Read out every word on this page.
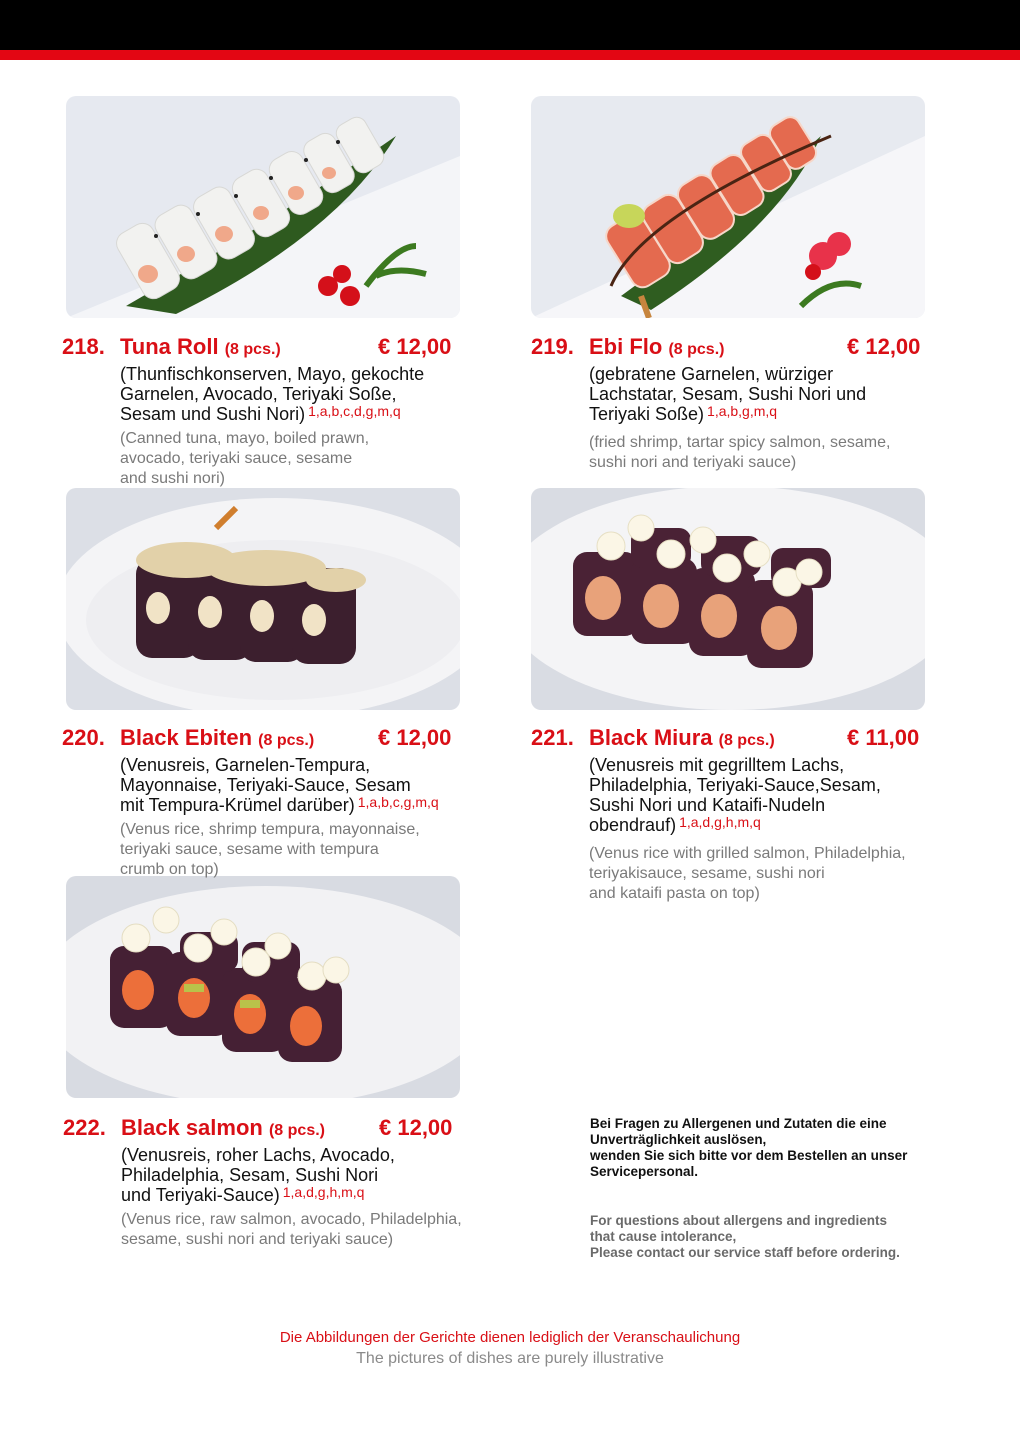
218. Tuna Roll (8 pcs.)	€ 12,00
(Thunfischkonserven, Mayo, gekochte
Garnelen, Avocado, Teriyaki Soße,
Sesam und Sushi Nori) $^{1,a,b,c,d,g,m,q}$
(Canned tuna, mayo, boiled prawn,
avocado, teriyaki sauce, sesame
and sushi nori)
219. Ebi Flo (8 pcs.)	€ 12,00
(gebratene Garnelen, würziger
Lachstatar, Sesam, Sushi Nori und
Teriyaki Soße) $^{1,a,b,g,m,q}$
(fried shrimp, tartar spicy salmon, sesame,
sushi nori and teriyaki sauce)
220. Black Ebiten (8 pcs.)	€ 12,00
(Venusreis, Garnelen-Tempura,
Mayonnaise, Teriyaki-Sauce, Sesam
mit Tempura-Krümel darüber) $^{1,a,b,c,g,m,q}$
(Venus rice, shrimp tempura, mayonnaise,
teriyaki sauce, sesame with tempura
crumb on top)
221. Black Miura (8 pcs.)	€ 11,00
(Venusreis mit gegrilltem Lachs,
Philadelphia, Teriyaki-Sauce,Sesam,
Sushi Nori und Kataifi-Nudeln
obendrauf) $^{1,a,d,g,h,m,q}$
(Venus rice with grilled salmon, Philadelphia,
teriyakisauce, sesame, sushi nori
and kataifi pasta on top)
222. Black salmon (8 pcs.) € 12,00
(Venusreis, roher Lachs, Avocado,
Philadelphia, Sesam, Sushi Nori
und Teriyaki-Sauce) $^{1,a,d,g,h,m,q}$
(Venus rice, raw salmon, avocado, Philadelphia,
sesame, sushi nori and teriyaki sauce)
Bei Fragen zu Allergenen und Zutaten die eine
Unverträglichkeit auslösen,
wenden Sie sich bitte vor dem Bestellen an unser
Servicepersonal.
For questions about allergens and ingredients
that cause intolerance,
Please contact our service staff before ordering.
Die Abbildungen der Gerichte dienen lediglich der Veranschaulichung
The pictures of dishes are purely illustrative
